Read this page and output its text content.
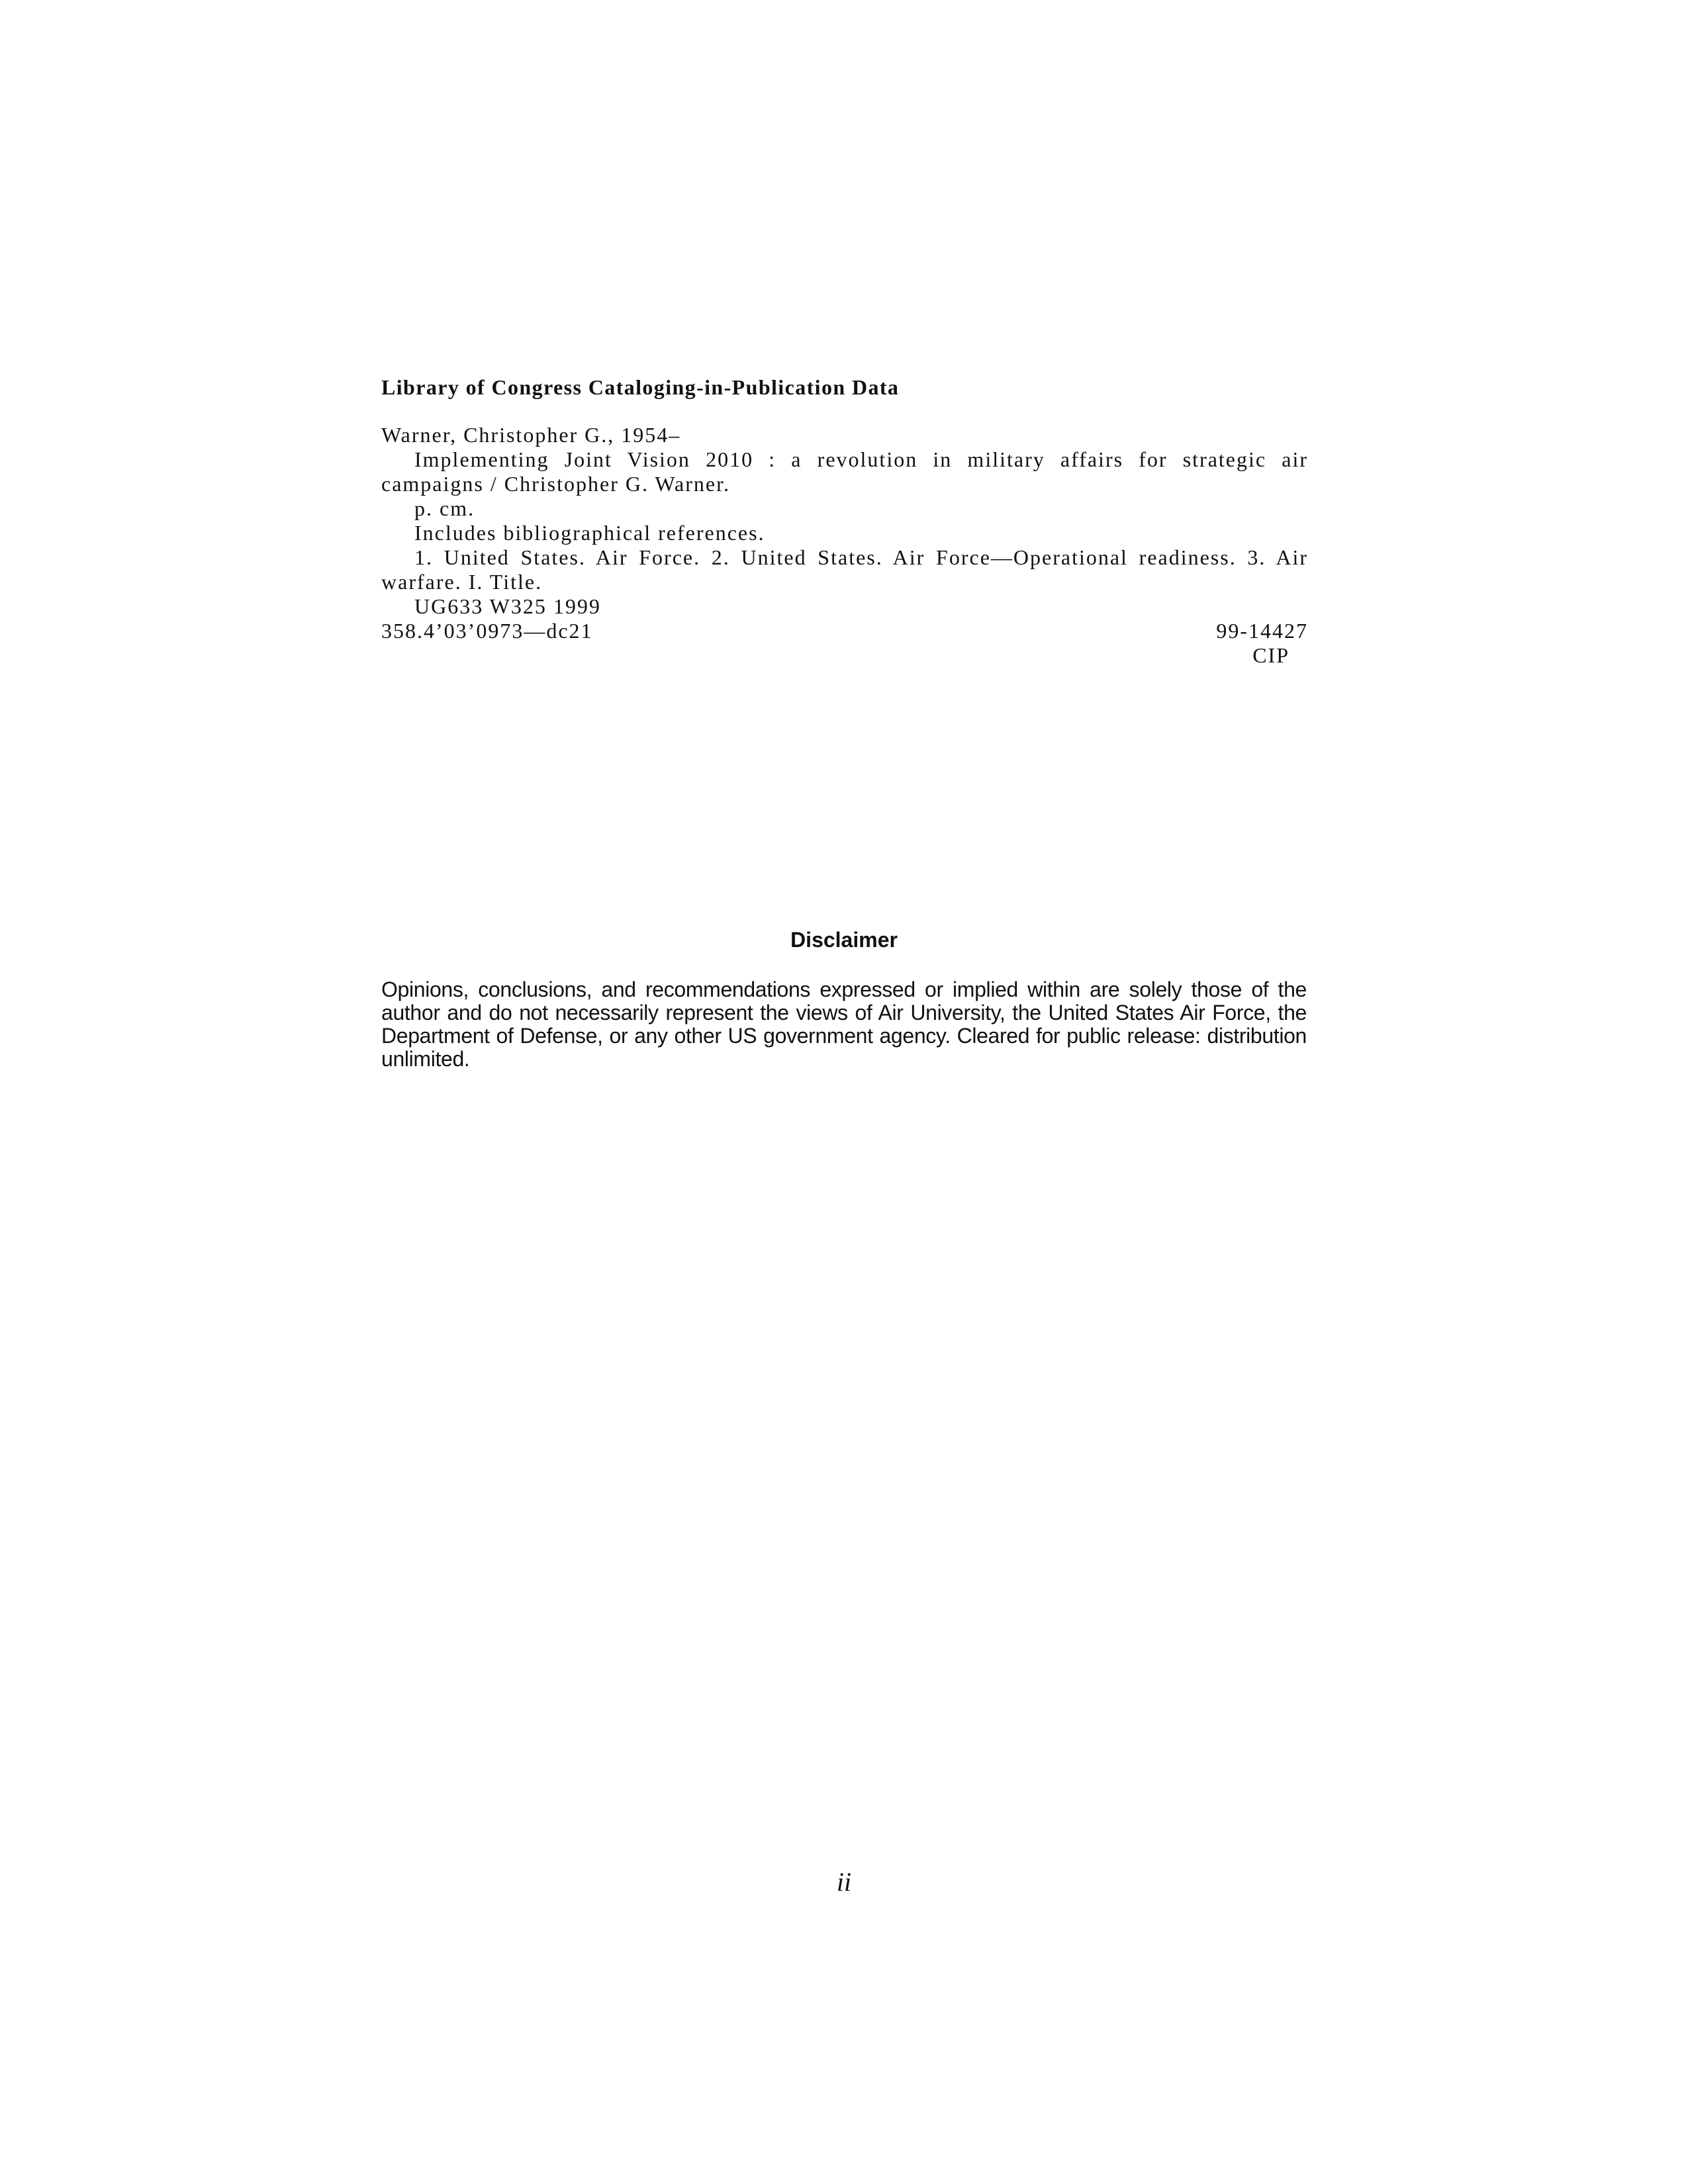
Library of Congress Cataloging-in-Publication Data

Warner, Christopher G., 1954–

Implementing Joint Vision 2010 : a revolution in military affairs for strategic air campaigns / Christopher G. Warner.

p. cm.

Includes bibliographical references.

1. United States. Air Force. 2. United States. Air Force—Operational readiness. 3. Air warfare. I. Title.

UG633 W325 1999

358.4’03’0973—dc21	99-14427
CIP

Disclaimer

Opinions, conclusions, and recommendations expressed or implied within are solely those of the author and do not necessarily represent the views of Air University, the United States Air Force, the Department of Defense, or any other US government agency. Cleared for public release: distribution unlimited.

ii
